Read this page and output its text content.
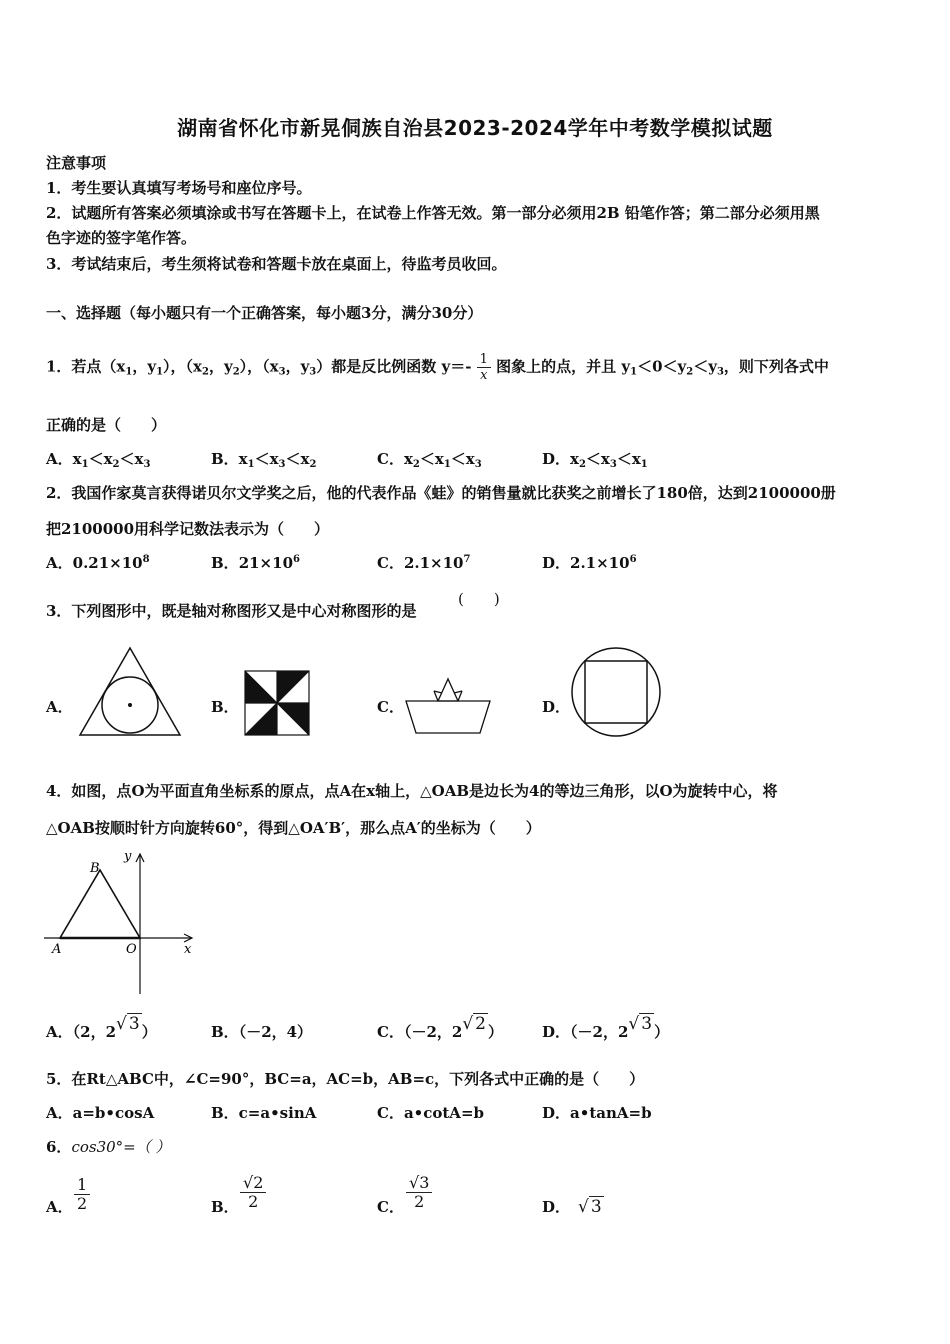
湖南省怀化市新晃侗族自治县2023-2024学年中考数学模拟试题
注意事项
1．考生要认真填写考场号和座位序号。
2．试题所有答案必须填涂或书写在答题卡上，在试卷上作答无效。第一部分必须用2B 铅笔作答；第二部分必须用黑
色字迹的签字笔作答。
3．考试结束后，考生须将试卷和答题卡放在桌面上，待监考员收回。
一、选择题（每小题只有一个正确答案，每小题3分，满分30分）
1．若点（$x_1$，$y_1$），（$x_2$，$y_2$），（$x_3$，$y_3$）都是反比例函数 $y=- \frac{1}{x}$ 图象上的点，并且 $y_1<0<y_2<y_3$，则下列各式中
正确的是（　　）
A．$x_1<x_2<x_3$	B．$x_1<x_3<x_2$	C．$x_2<x_1<x_3$	D．$x_2<x_3<x_1$
2．我国作家莫言获得诺贝尔文学奖之后，他的代表作品《蛙》的销售量就比获奖之前增长了180倍，达到2100000册
把2100000用科学记数法表示为（　　）
A．$0.21\times 10^8$	B．$21\times 10^6$	C．$2.1\times 10^7$	D．$2.1\times 10^6$
3．下列图形中，既是轴对称图形又是中心对称图形的是
(　　)
A．	B．	C．	D．
4．如图，点O为平面直角坐标系的原点，点A在x轴上，△OAB是边长为4的等边三角形，以O为旋转中心，将
△OAB按顺时针方向旋转60°，得到△OA′B′，那么点A′的坐标为（　　）
B
y
A	O	x
A．（2，2√ 3 ）	B．（－2，4）	C．（－2，2√ 2 ）	D．（－2，2√ 3 ）
5．在Rt△ABC中，∠C=90°，BC=a，AC=b，AB=c，下列各式中正确的是（　　）
A．a=b•cosA	B．c=a•sinA	C．a•cotA=b	D．a•tanA=b
6．cos30°=（ ）
A． $\frac{1}{2}$	B． $\frac{√2}{2}$	C． $\frac{√3}{2}$	D． √ 3
